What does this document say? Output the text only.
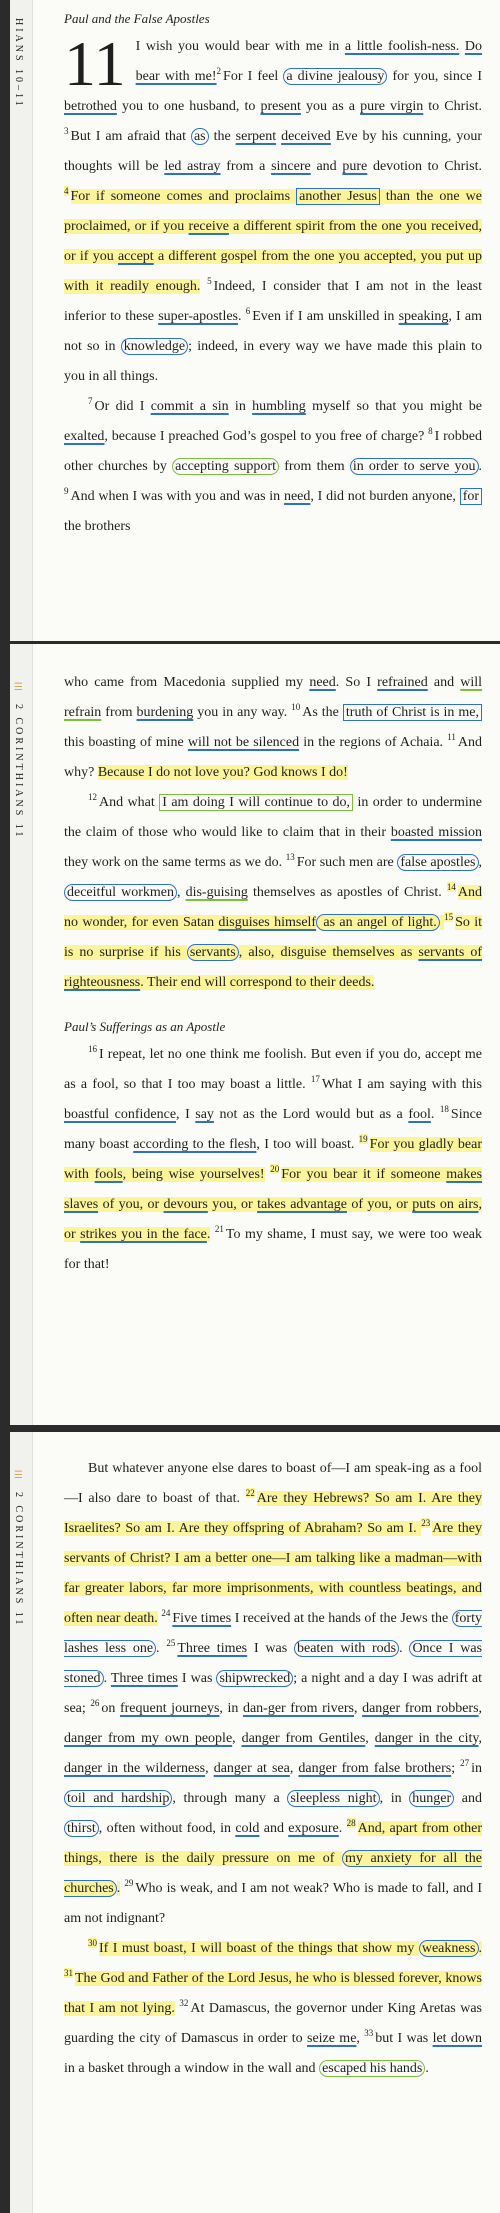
HIANS 10–11	Paul and the False Apostles

11 I wish you would bear with me in a little foolish-ness. Do bear with me!$^2$ For I feel a divine jealousy for you, since I betrothed you to one husband, to present you as a pure virgin to Christ. $^3$ But I am afraid that as the serpent deceived Eve by his cunning, your thoughts will be led astray from a sincere and pure devotion to Christ. $^4$ For if someone comes and proclaims another Jesus than the one we proclaimed, or if you receive a different spirit from the one you received, or if you accept a different gospel from the one you accepted, you put up with it readily enough. $^5$ Indeed, I consider that I am not in the least inferior to these super-apostles. $^6$ Even if I am unskilled in speaking, I am not so in knowledge ; indeed, in every way we have made this plain to you in all things.

$^7$ Or did I commit a sin in humbling myself so that you might be exalted, because I preached God’s gospel to you free of charge? $^8$ I robbed other churches by accepting support from them in order to serve you . $^9$ And when I was with you and was in need, I did not burden anyone, for the brothers

☰
2 CORINTHIANS 11

who came from Macedonia supplied my need. So I refrained and will refrain from burdening you in any way. $^{10}$ As the truth of Christ is in me, this boasting of mine will not be silenced in the regions of Achaia. $^{11}$ And why? Because I do not love you? God knows I do!

$^{12}$ And what I am doing I will continue to do, in order to undermine the claim of those who would like to claim that in their boasted mission they work on the same terms as we do. $^{13}$ For such men are false apostles , deceitful workmen , dis-guising themselves as apostles of Christ. $^{14}$ And no wonder, for even Satan disguises himself as an angel of light. $^{15}$ So it is no surprise if his servants , also, disguise themselves as servants of righteousness. Their end will correspond to their deeds.

Paul’s Sufferings as an Apostle

$^{16}$ I repeat, let no one think me foolish. But even if you do, accept me as a fool, so that I too may boast a little. $^{17}$ What I am saying with this boastful confidence, I say not as the Lord would but as a fool. $^{18}$ Since many boast according to the flesh, I too will boast. $^{19}$ For you gladly bear with fools, being wise yourselves! $^{20}$ For you bear it if someone makes slaves of you, or devours you, or takes advantage of you, or puts on airs, or strikes you in the face. $^{21}$ To my shame, I must say, we were too weak for that!

☰
2 CORINTHIANS 11

But whatever anyone else dares to boast of—I am speak-ing as a fool—I also dare to boast of that. $^{22}$ Are they Hebrews? So am I. Are they Israelites? So am I. Are they offspring of Abraham? So am I. $^{23}$ Are they servants of Christ? I am a better one—I am talking like a madman—with far greater labors, far more imprisonments, with countless beatings, and often near death. $^{24}$ Five times I received at the hands of the Jews the forty lashes less one . $^{25}$ Three times I was beaten with rods . Once I was stoned . Three times I was shipwrecked ; a night and a day I was adrift at sea; $^{26}$ on frequent journeys, in dan-ger from rivers, danger from robbers, danger from my own people, danger from Gentiles, danger in the city, danger in the wilderness, danger at sea, danger from false brothers; $^{27}$ in toil and hardship , through many a sleepless night , in hunger and thirst , often without food, in cold and exposure. $^{28}$ And, apart from other things, there is the daily pressure on me of my anxiety for all the churches . $^{29}$ Who is weak, and I am not weak? Who is made to fall, and I am not indignant?

$^{30}$ If I must boast, I will boast of the things that show my weakness . $^{31}$ The God and Father of the Lord Jesus, he who is blessed forever, knows that I am not lying. $^{32}$ At Damascus, the governor under King Aretas was guarding the city of Damascus in order to seize me, $^{33}$ but I was let down in a basket through a window in the wall and escaped his hands .
